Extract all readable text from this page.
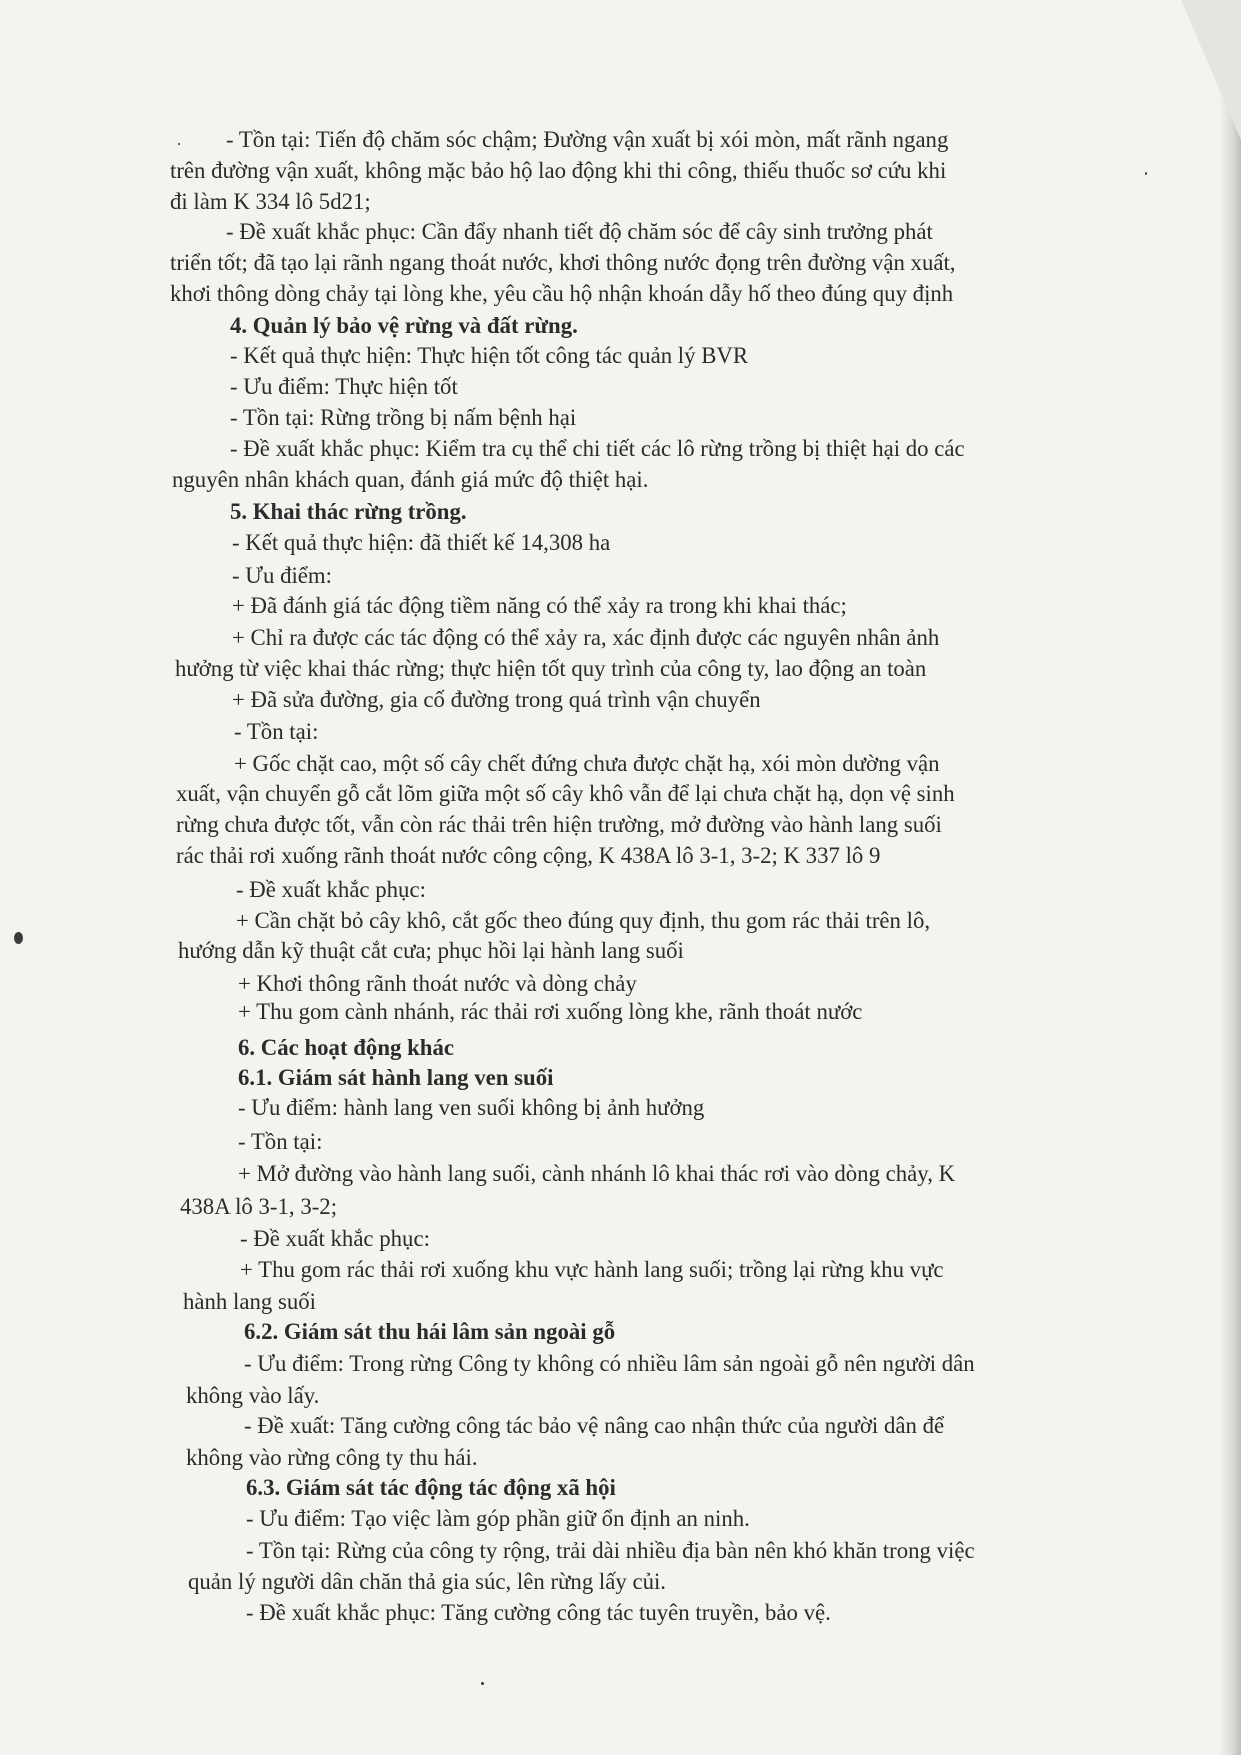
- Tồn tại: Tiến độ chăm sóc chậm; Đường vận xuất bị xói mòn, mất rãnh ngang

trên đường vận xuất, không mặc bảo hộ lao động khi thi công, thiếu thuốc sơ cứu khi

đi làm K 334 lô 5d21;

- Đề xuất khắc phục: Cần đẩy nhanh tiết độ chăm sóc để cây sinh trưởng phát

triển tốt; đã tạo lại rãnh ngang thoát nước, khơi thông nước đọng trên đường vận xuất,

khơi thông dòng chảy tại lòng khe, yêu cầu hộ nhận khoán dẫy hố theo đúng quy định

4. Quản lý bảo vệ rừng và đất rừng.

- Kết quả thực hiện: Thực hiện tốt công tác quản lý BVR

- Ưu điểm: Thực hiện tốt

- Tồn tại: Rừng trồng bị nấm bệnh hại

- Đề xuất khắc phục: Kiểm tra cụ thể chi tiết các lô rừng trồng bị thiệt hại do các

nguyên nhân khách quan, đánh giá mức độ thiệt hại.

5. Khai thác rừng trồng.

- Kết quả thực hiện: đã thiết kế 14,308 ha

- Ưu điểm:

+ Đã đánh giá tác động tiềm năng có thể xảy ra trong khi khai thác;

+ Chỉ ra được các tác động có thể xảy ra, xác định được các nguyên nhân ảnh

hưởng từ việc khai thác rừng; thực hiện tốt quy trình của công ty, lao động an toàn

+ Đã sửa đường, gia cố đường trong quá trình vận chuyển

- Tồn tại:

+ Gốc chặt cao, một số cây chết đứng chưa được chặt hạ, xói mòn dường vận

xuất, vận chuyển gỗ cắt lõm giữa một số cây khô vẫn để lại chưa chặt hạ, dọn vệ sinh

rừng chưa được tốt, vẫn còn rác thải trên hiện trường, mở đường vào hành lang suối

rác thải rơi xuống rãnh thoát nước công cộng, K 438A lô 3-1, 3-2; K 337 lô 9

- Đề xuất khắc phục:

+ Cần chặt bỏ cây khô, cắt gốc theo đúng quy định, thu gom rác thải trên lô,

hướng dẫn kỹ thuật cắt cưa; phục hồi lại hành lang suối

+ Khơi thông rãnh thoát nước và dòng chảy

+ Thu gom cành nhánh, rác thải rơi xuống lòng khe, rãnh thoát nước

6. Các hoạt động khác

6.1. Giám sát hành lang ven suối

- Ưu điểm: hành lang ven suối không bị ảnh hưởng

- Tồn tại:

+ Mở đường vào hành lang suối, cành nhánh lô khai thác rơi vào dòng chảy, K

438A lô 3-1, 3-2;

- Đề xuất khắc phục:

+ Thu gom rác thải rơi xuống khu vực hành lang suối; trồng lại rừng khu vực

hành lang suối

6.2. Giám sát thu hái lâm sản ngoài gỗ

- Ưu điểm: Trong rừng Công ty không có nhiều lâm sản ngoài gỗ nên người dân

không vào lấy.

- Đề xuất: Tăng cường công tác bảo vệ nâng cao nhận thức của người dân để

không vào rừng công ty thu hái.

6.3. Giám sát tác động tác động xã hội

- Ưu điểm: Tạo việc làm góp phần giữ ổn định an ninh.

- Tồn tại: Rừng của công ty rộng, trải dài nhiều địa bàn nên khó khăn trong việc

quản lý người dân chăn thả gia súc, lên rừng lấy củi.

- Đề xuất khắc phục: Tăng cường công tác tuyên truyền, bảo vệ.
